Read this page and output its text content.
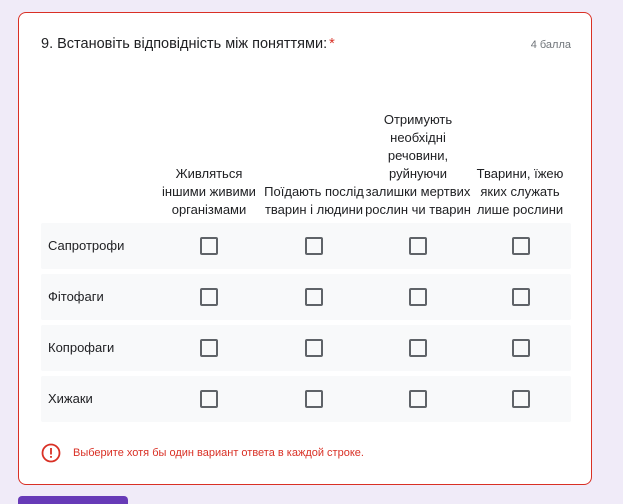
9. Встановіть відповідність між поняттями: *	4 балла
Живляться іншими живими організмами
Поїдають послід тварин і людини
Отримують необхідні речовини, руйнуючи залишки мертвих рослин чи тварин
Тварини, їжею яких служать лише рослини
Сапротрофи
Фітофаги
Копрофаги
Хижаки
Выберите хотя бы один вариант ответа в каждой строке.
